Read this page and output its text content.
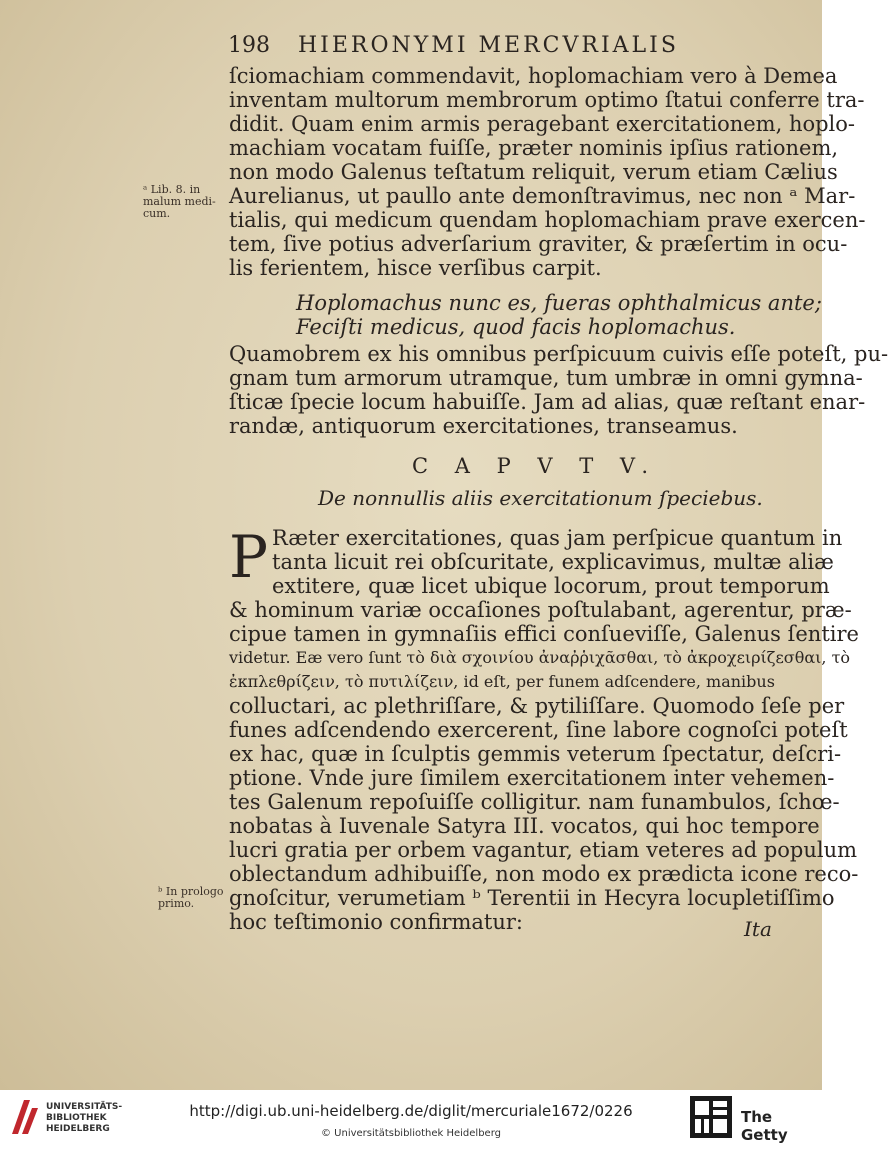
198 HIERONYMI MERCVRIALIS
ſciomachiam commendavit, hoplomachiam vero à Demea
inventam multorum membrorum optimo ſtatui conferre tra-
didit. Quam enim armis peragebant exercitationem, hoplo-
machiam vocatam fuiſſe, præter nominis ipſius rationem,
non modo Galenus teſtatum reliquit, verum etiam Cælius
Aurelianus, ut paullo ante demonſtravimus, nec non ᵃ Mar-
tialis, qui medicum quendam hoplomachiam prave exercen-
tem, ſive potius adverſarium graviter, & præſertim in ocu-
lis ferientem, hisce verſibus carpit.
ᵃ Lib. 8. in
malum medi-
cum.
Hoplomachus nunc es, fueras ophthalmicus ante;
Feciſti medicus, quod facis hoplomachus.
Quamobrem ex his omnibus perſpicuum cuivis eſſe poteſt, pu-
gnam tum armorum utramque, tum umbræ in omni gymna-
ſticæ ſpecie locum habuiſſe. Jam ad alias, quæ reſtant enar-
randæ, antiquorum exercitationes, transeamus.
C A P V T V.
De nonnullis aliis exercitationum ſpeciebus.
P Ræter exercitationes, quas jam perſpicue quantum in
tanta licuit rei obſcuritate, explicavimus, multæ aliæ
extitere, quæ licet ubique locorum, prout temporum
& hominum variæ occaſiones poſtulabant, agerentur, præ-
cipue tamen in gymnaſiis effici conſueviſſe, Galenus ſentire
videtur. Eæ vero ſunt τὸ διὰ σχοινίου ἀναῤῥιχᾶσθαι, τὸ ἀκροχειρίζεσθαι, τὸ
ἐκπλεθρίζειν, τὸ πυτιλίζειν, id eſt, per funem adſcendere, manibus
colluctari, ac plethriſſare, & pytiliſſare. Quomodo ſeſe per
funes adſcendendo exercerent, ſine labore cognoſci poteſt
ex hac, quæ in ſculptis gemmis veterum ſpectatur, deſcri-
ptione. Vnde jure ſimilem exercitationem inter vehemen-
tes Galenum repoſuiſſe colligitur. nam funambulos, ſchœ-
nobatas à Iuvenale Satyra III. vocatos, qui hoc tempore
lucri gratia per orbem vagantur, etiam veteres ad populum
oblectandum adhibuiſſe, non modo ex prædicta icone reco-
gnoſcitur, verumetiam ᵇ Terentii in Hecyra locupletiſſimo
hoc teſtimonio confirmatur:
ᵇ In prologo
primo.
Ita
UNIVERSITÄTS-
BIBLIOTHEK
HEIDELBERG
http://digi.ub.uni-heidelberg.de/diglit/mercuriale1672/0226
© Universitätsbibliothek Heidelberg
The Getty
